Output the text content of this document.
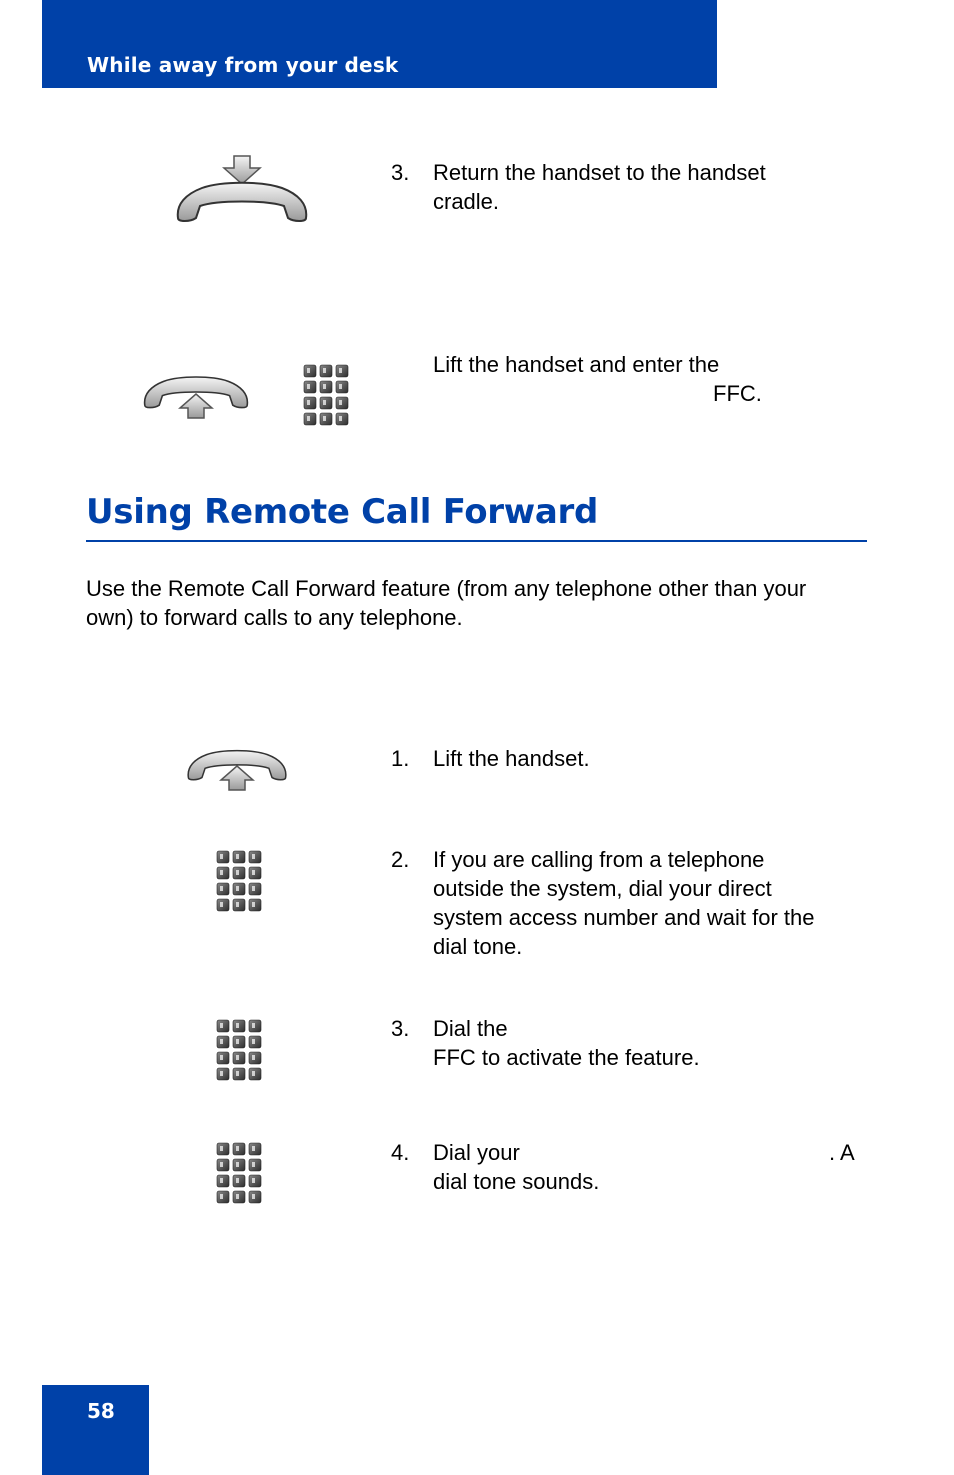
While away from your desk
3. Return the handset to the handset
cradle.
Lift the handset and enter the
FFC.
Using Remote Call Forward
Use the Remote Call Forward feature (from any telephone other than your own) to forward calls to any telephone.
1. Lift the handset.
2. If you are calling from a telephone
outside the system, dial your direct
system access number and wait for the
dial tone.
3. Dial the
FFC to activate the feature.
4. Dial your	. A
dial tone sounds.
58
